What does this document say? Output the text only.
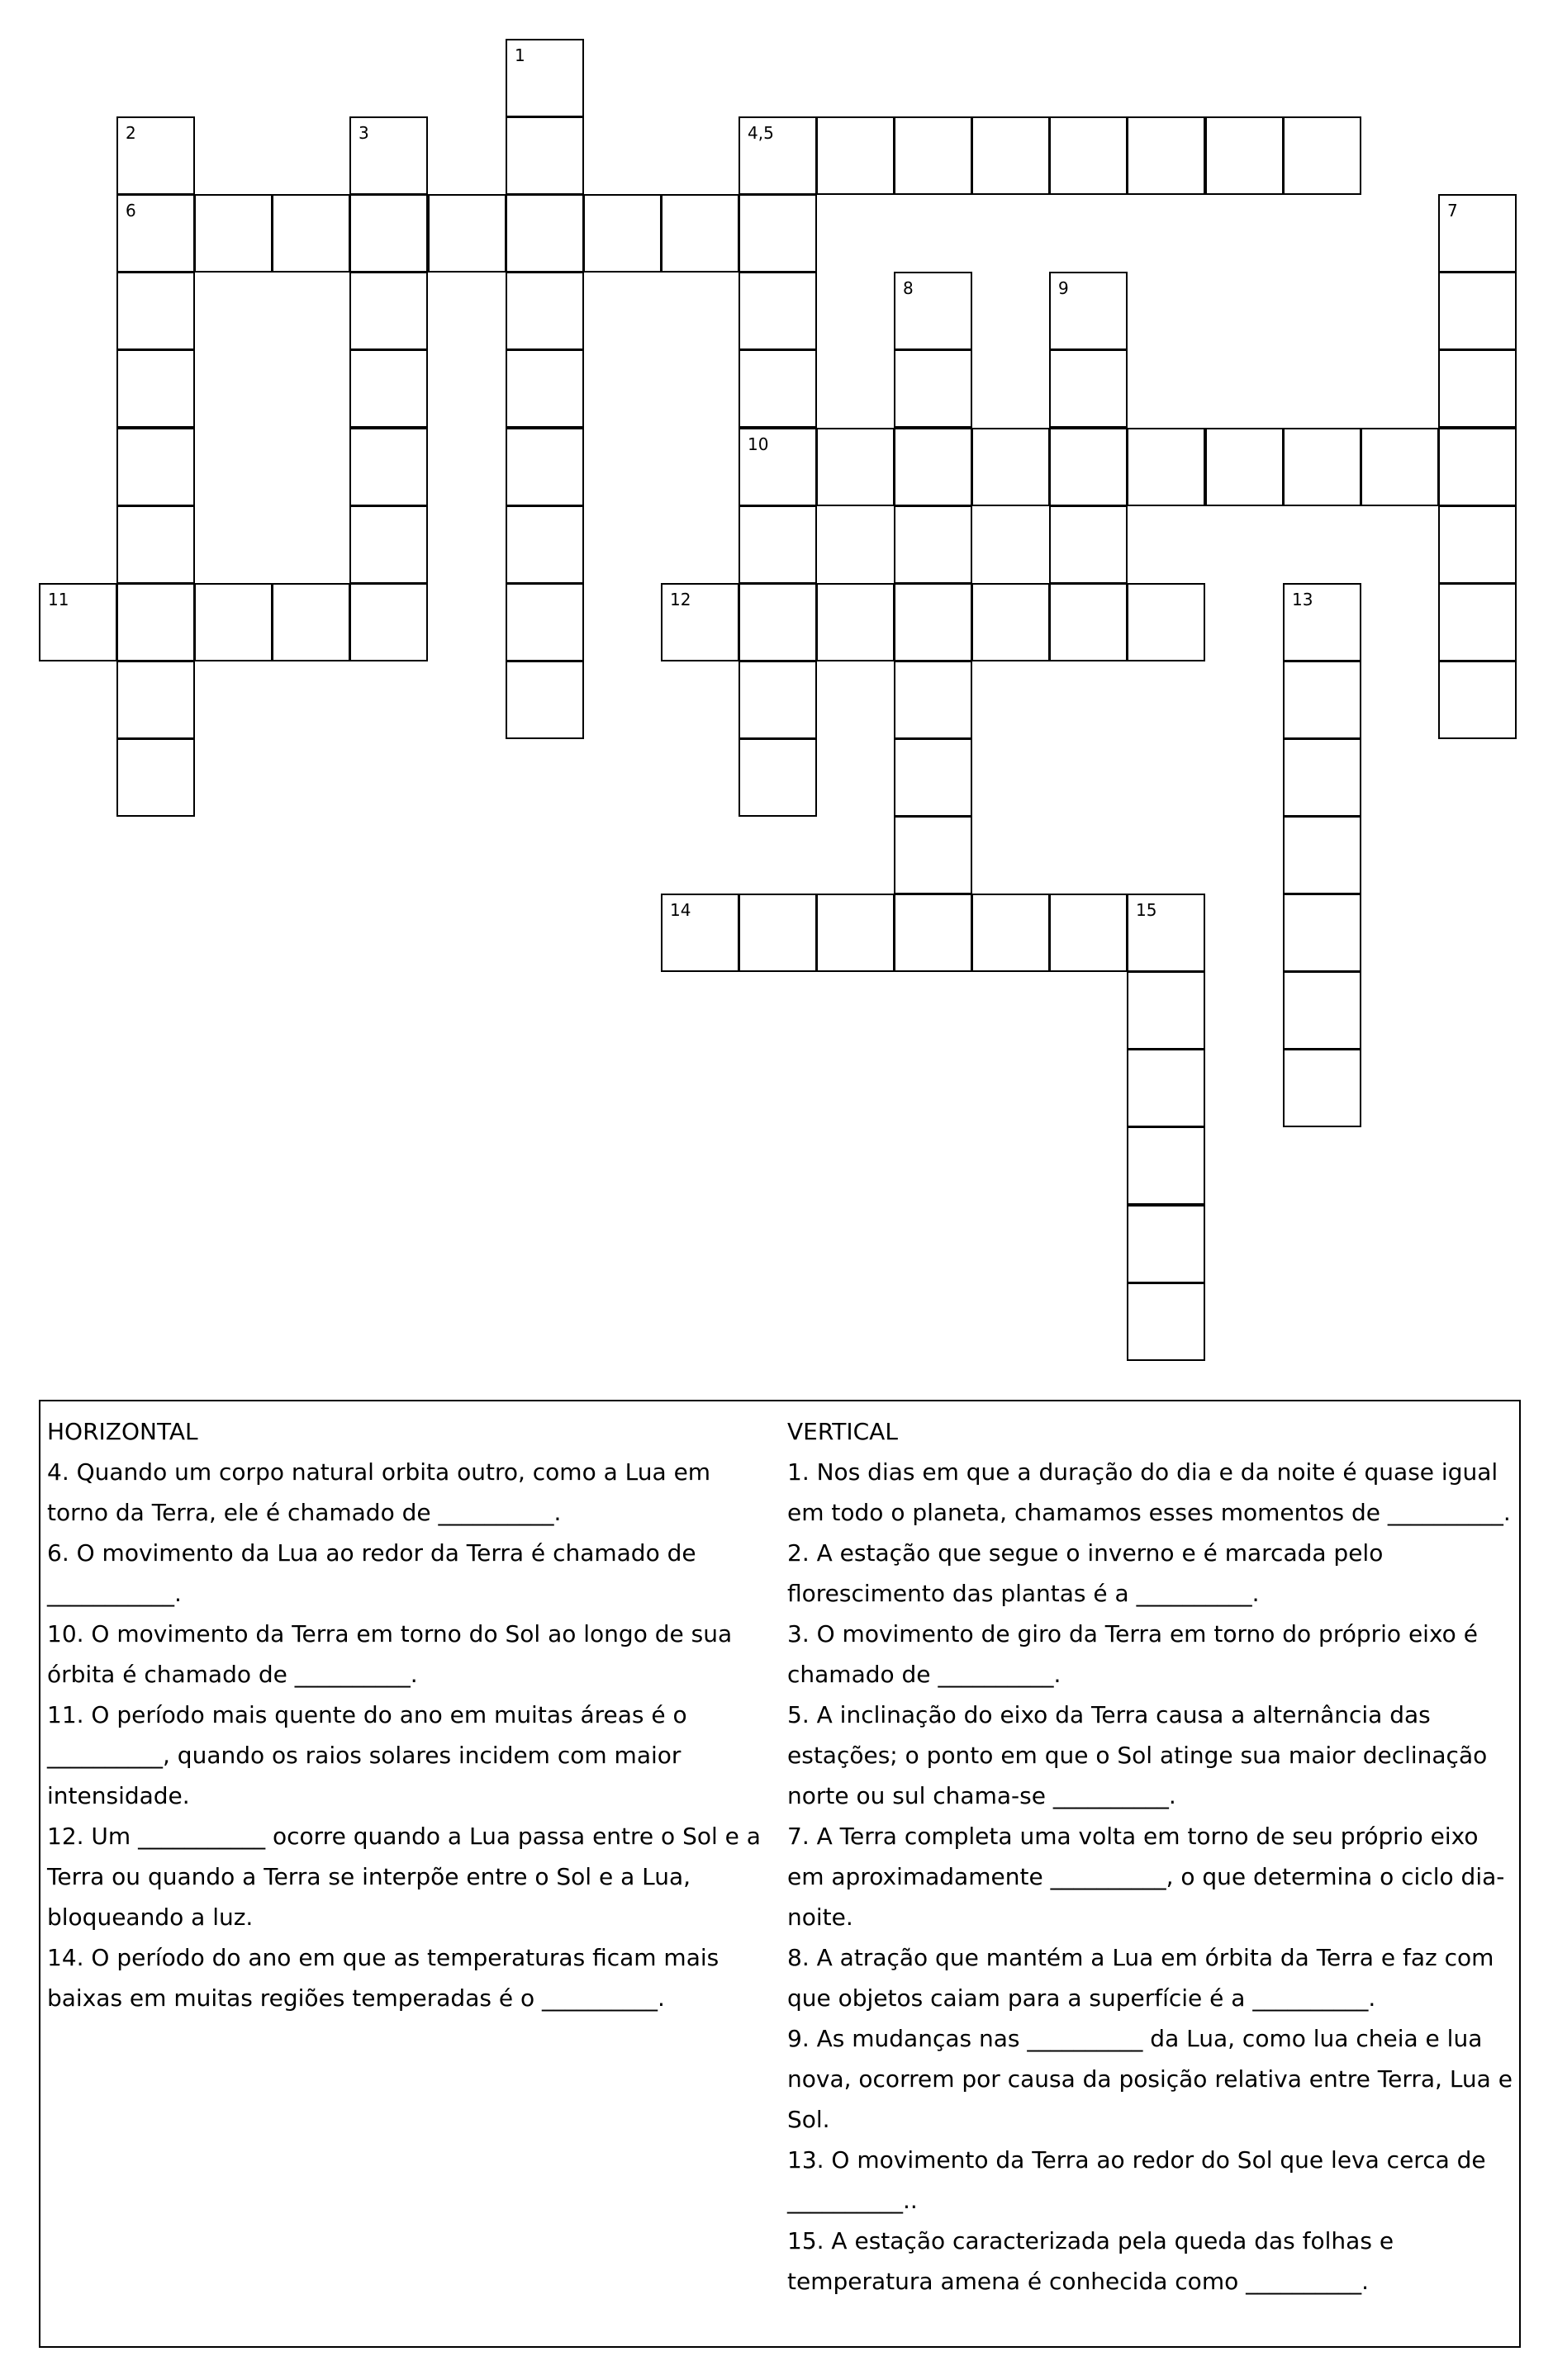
1
2
6
3	4,5
10
7
8	9
13
15
11	12
14
HORIZONTAL
4. Quando um corpo natural orbita outro, como a Lua em torno da Terra, ele é chamado de __________.
6. O movimento da Lua ao redor da Terra é chamado de ___________.
10. O movimento da Terra em torno do Sol ao longo de sua órbita é chamado de __________.
11. O período mais quente do ano em muitas áreas é o __________, quando os raios solares incidem com maior intensidade.
12. Um ___________ ocorre quando a Lua passa entre o Sol e a Terra ou quando a Terra se interpõe entre o Sol e a Lua, bloqueando a luz.
14. O período do ano em que as temperaturas ficam mais baixas em muitas regiões temperadas é o __________.
VERTICAL
1. Nos dias em que a duração do dia e da noite é quase igual em todo o planeta, chamamos esses momentos de __________.
2. A estação que segue o inverno e é marcada pelo florescimento das plantas é a __________.
3. O movimento de giro da Terra em torno do próprio eixo é chamado de __________.
5. A inclinação do eixo da Terra causa a alternância das estações; o ponto em que o Sol atinge sua maior declinação norte ou sul chama-se __________.
7. A Terra completa uma volta em torno de seu próprio eixo em aproximadamente __________, o que determina o ciclo dia-noite.
8. A atração que mantém a Lua em órbita da Terra e faz com que objetos caiam para a superfície é a __________.
9. As mudanças nas __________ da Lua, como lua cheia e lua nova, ocorrem por causa da posição relativa entre Terra, Lua e Sol.
13. O movimento da Terra ao redor do Sol que leva cerca de __________..
15. A estação caracterizada pela queda das folhas e temperatura amena é conhecida como __________.
